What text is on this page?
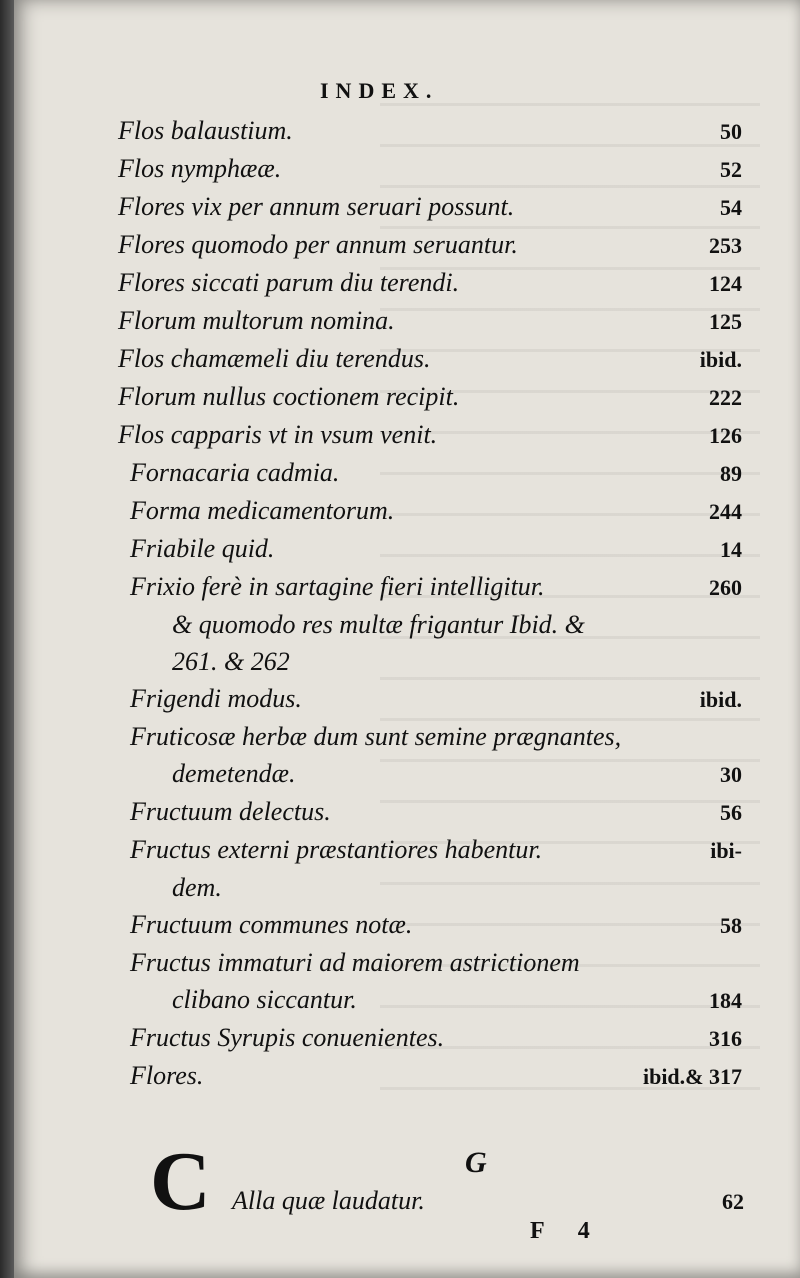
INDEX.
Flos balaustium.	50
Flos nymphææ.	52
Flores vix per annum seruari possunt.	54
Flores quomodo per annum seruantur.	253
Flores siccati parum diu terendi.	124
Florum multorum nomina.	125
Flos chamæmeli diu terendus.	ibid.
Florum nullus coctionem recipit.	222
Flos capparis vt in vsum venit.	126
Fornacaria cadmia.	89
Forma medicamentorum.	244
Friabile quid.	14
Frixio ferè in sartagine fieri intelligitur.	260
& quomodo res multæ frigantur Ibid. &
261. & 262
Frigendi modus.	ibid.
Fruticosæ herbæ dum sunt semine prægnantes,
demetendæ.	30
Fructuum delectus.	56
Fructus externi præstantiores habentur.	ibi-
dem.
Fructuum communes notæ.	58
Fructus immaturi ad maiorem astrictionem
clibano siccantur.	184
Fructus Syrupis conuenientes.	316
Flores.	ibid.& 317
C	G
Alla quæ laudatur.	62
F 4
